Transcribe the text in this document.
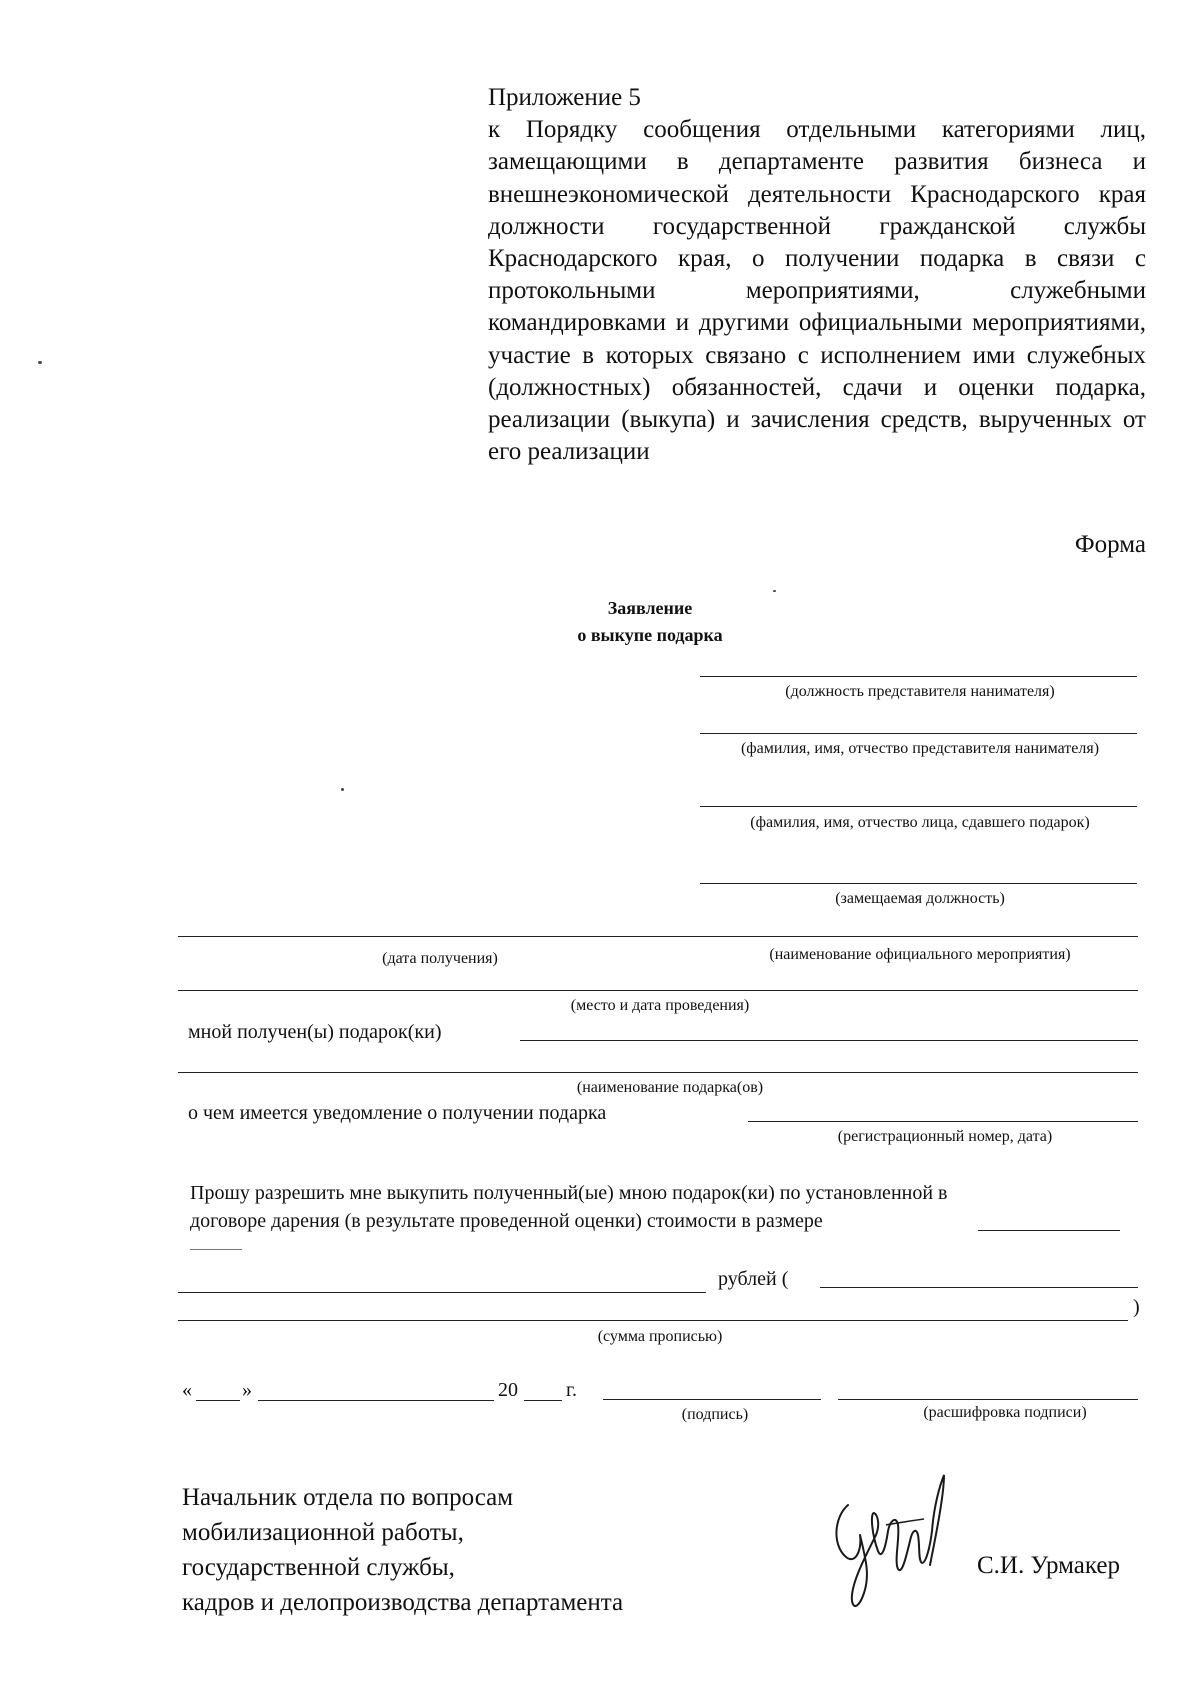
Приложение 5
к Порядку сообщения отдельными категориями лиц, замещающими в департаменте развития бизнеса и внешнеэкономической деятельности Краснодарского края должности государственной гражданской службы Краснодарского края, о получении подарка в связи с протокольными мероприятиями, служебными командировками и другими официальными мероприятиями, участие в которых связано с исполнением ими служебных (должностных) обязанностей, сдачи и оценки подарка, реализации (выкупа) и зачисления средств, вырученных от его реализации
Форма
Заявление
о выкупе подарка
(должность представителя нанимателя)
(фамилия, имя, отчество представителя нанимателя)
(фамилия, имя, отчество лица, сдавшего подарок)
(замещаемая должность)
(дата получения)	(наименование официального мероприятия)
(место и дата проведения)
мной получен(ы) подарок(ки)
(наименование подарка(ов)
о чем имеется уведомление о получении подарка
(регистрационный номер, дата)
Прошу разрешить мне выкупить полученный(ые) мною подарок(ки) по установленной в
договоре дарения (в результате проведенной оценки) стоимости в размере
рублей (
)
(сумма прописью)
«	»	20 г.
(подпись)	(расшифровка подписи)
Начальник отдела по вопросам
мобилизационной работы,
государственной службы,
кадров и делопроизводства департамента
С.И. Урмакер
